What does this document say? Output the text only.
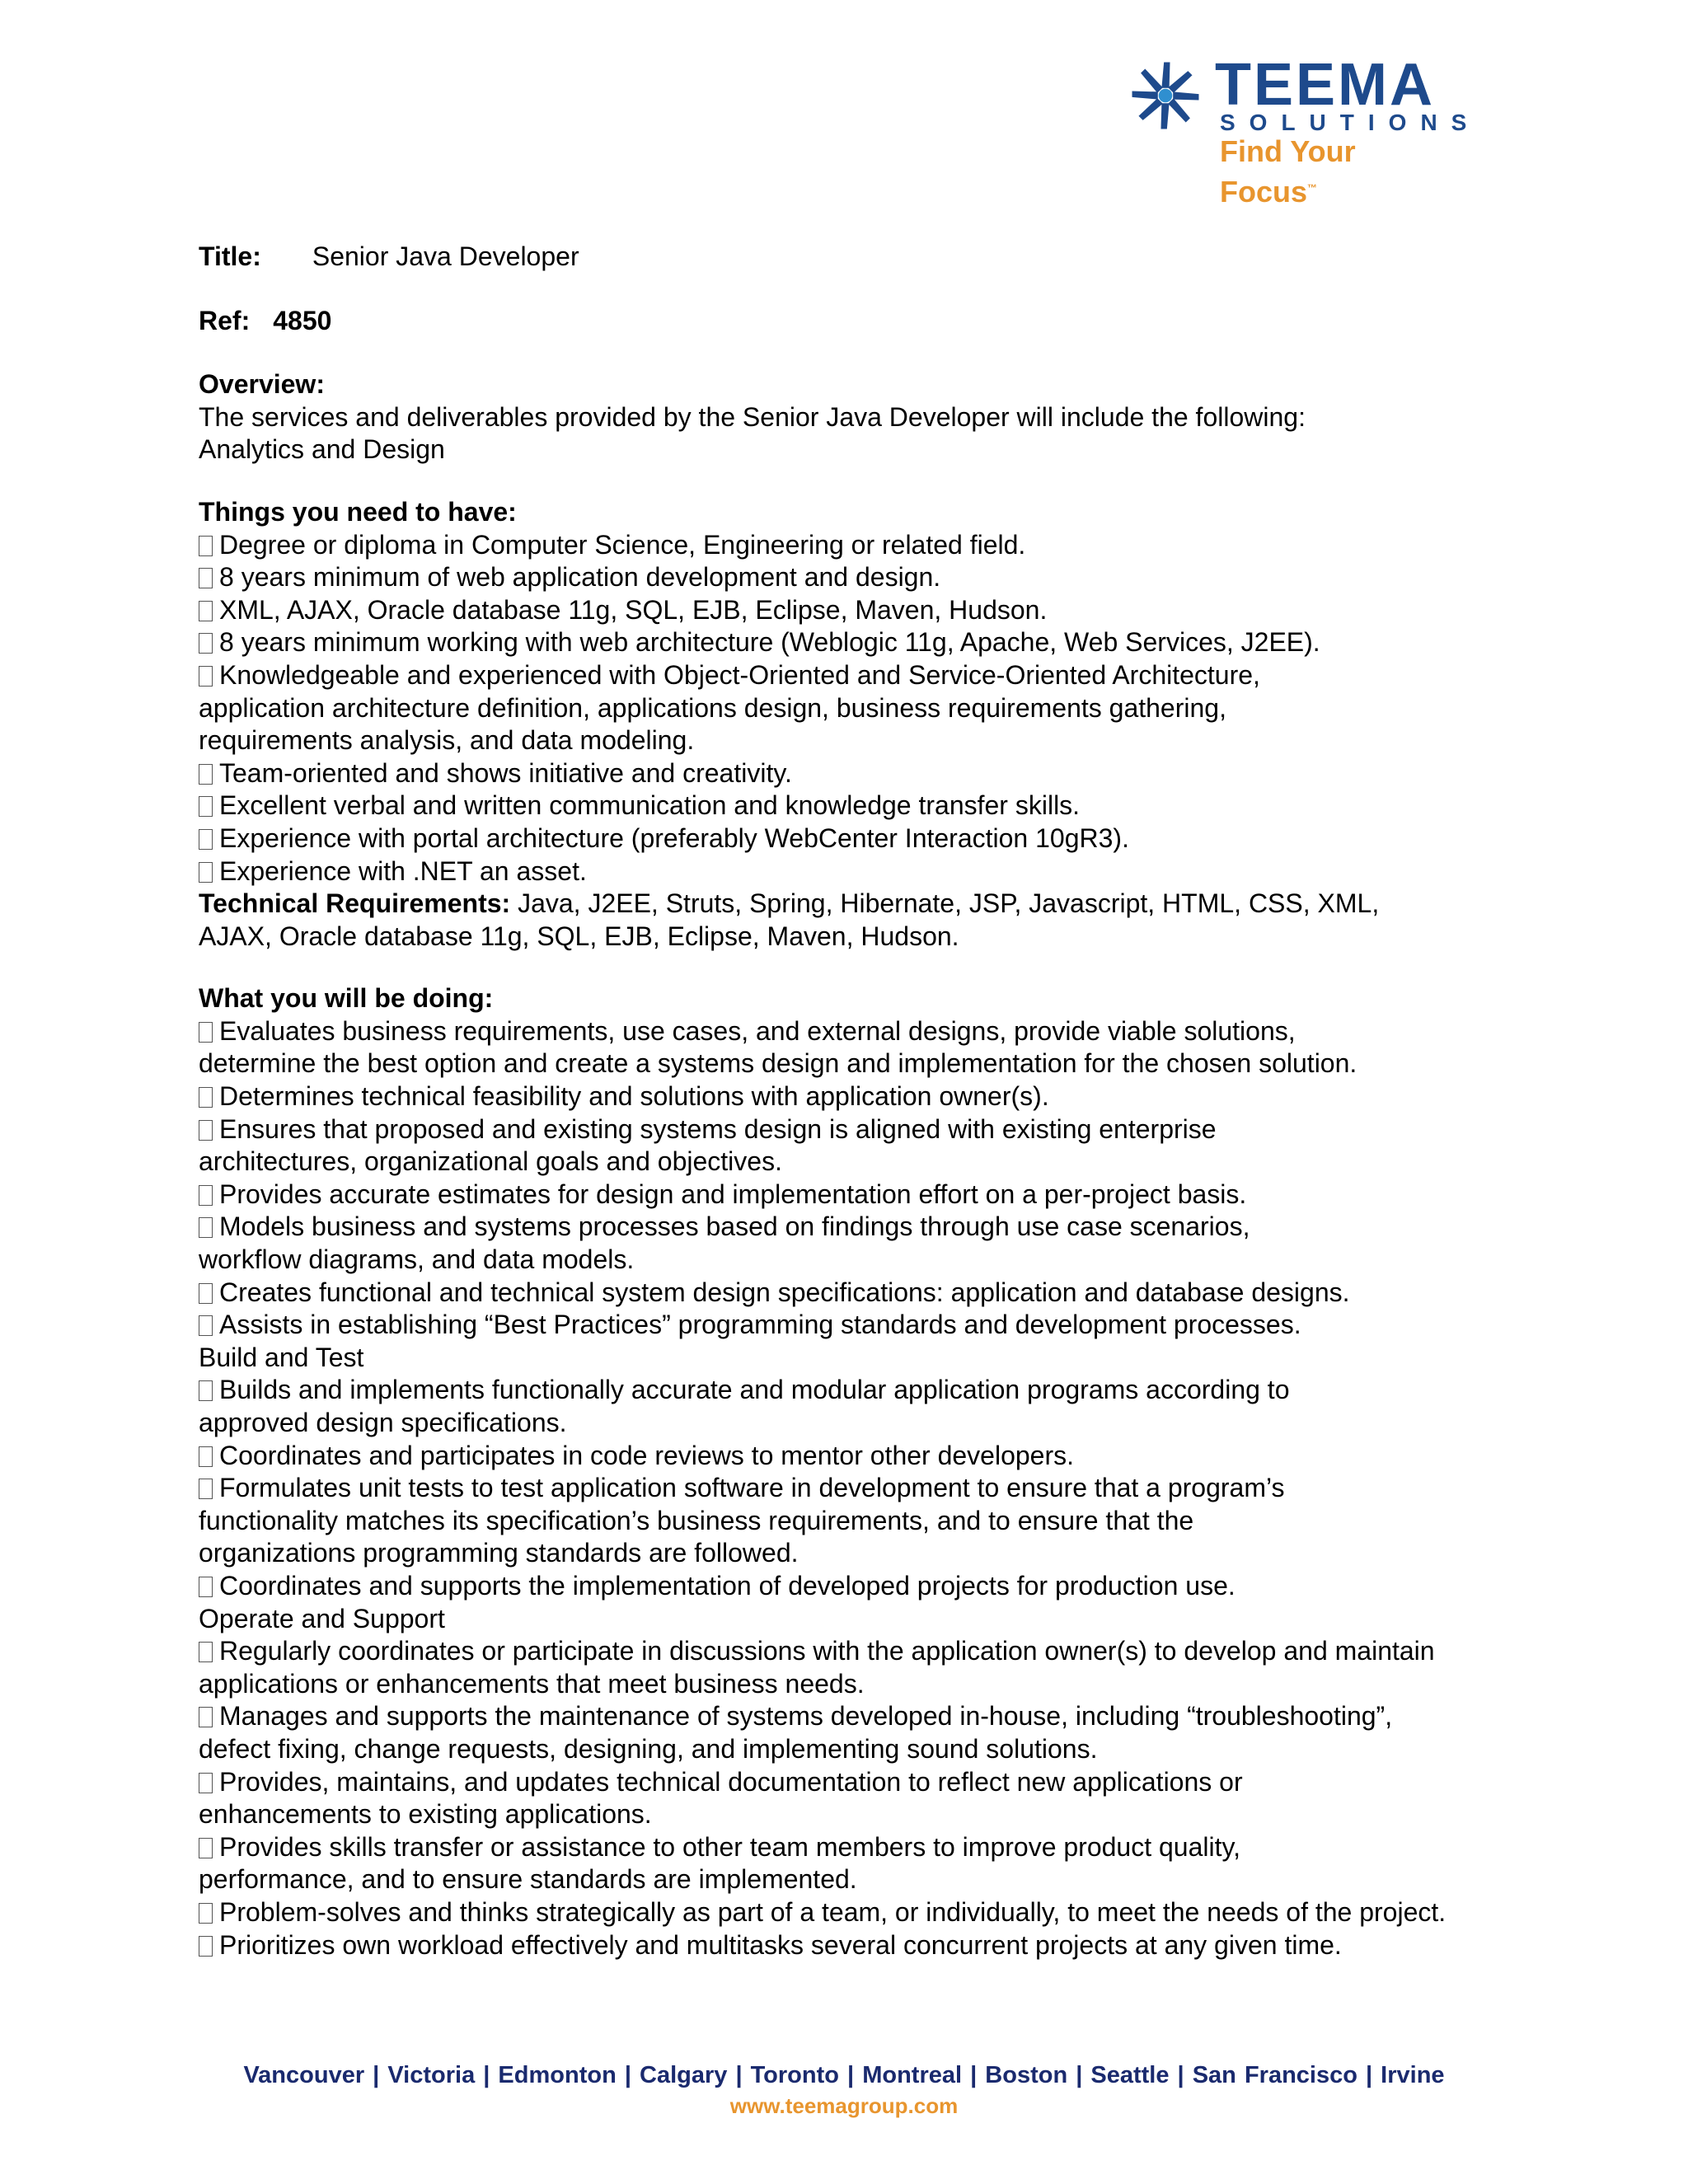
TEEMA
SOLUTIONS
Find Your Focus™

Title: Senior Java Developer

Ref: 4850

Overview:

The services and deliverables provided by the Senior Java Developer will include the following:

Analytics and Design

Things you need to have:

Degree or diploma in Computer Science, Engineering or related field.

8 years minimum of web application development and design.

XML, AJAX, Oracle database 11g, SQL, EJB, Eclipse, Maven, Hudson.

8 years minimum working with web architecture (Weblogic 11g, Apache, Web Services, J2EE).

Knowledgeable and experienced with Object-Oriented and Service-Oriented Architecture, application architecture definition, applications design, business requirements gathering, requirements analysis, and data modeling.

Team-oriented and shows initiative and creativity.

Excellent verbal and written communication and knowledge transfer skills.

Experience with portal architecture (preferably WebCenter Interaction 10gR3).

Experience with .NET an asset.

Technical Requirements: Java, J2EE, Struts, Spring, Hibernate, JSP, Javascript, HTML, CSS, XML, AJAX, Oracle database 11g, SQL, EJB, Eclipse, Maven, Hudson.

What you will be doing:

Evaluates business requirements, use cases, and external designs, provide viable solutions, determine the best option and create a systems design and implementation for the chosen solution.

Determines technical feasibility and solutions with application owner(s).

Ensures that proposed and existing systems design is aligned with existing enterprise architectures, organizational goals and objectives.

Provides accurate estimates for design and implementation effort on a per-project basis.

Models business and systems processes based on findings through use case scenarios, workflow diagrams, and data models.

Creates functional and technical system design specifications: application and database designs.

Assists in establishing “Best Practices” programming standards and development processes.

Build and Test

Builds and implements functionally accurate and modular application programs according to approved design specifications.

Coordinates and participates in code reviews to mentor other developers.

Formulates unit tests to test application software in development to ensure that a program’s functionality matches its specification’s business requirements, and to ensure that the organizations programming standards are followed.

Coordinates and supports the implementation of developed projects for production use.

Operate and Support

Regularly coordinates or participate in discussions with the application owner(s) to develop and maintain applications or enhancements that meet business needs.

Manages and supports the maintenance of systems developed in-house, including “troubleshooting”, defect fixing, change requests, designing, and implementing sound solutions.

Provides, maintains, and updates technical documentation to reflect new applications or enhancements to existing applications.

Provides skills transfer or assistance to other team members to improve product quality, performance, and to ensure standards are implemented.

Problem-solves and thinks strategically as part of a team, or individually, to meet the needs of the project.

Prioritizes own workload effectively and multitasks several concurrent projects at any given time.

Vancouver | Victoria | Edmonton | Calgary | Toronto | Montreal | Boston | Seattle | San Francisco | Irvine
www.teemagroup.com
